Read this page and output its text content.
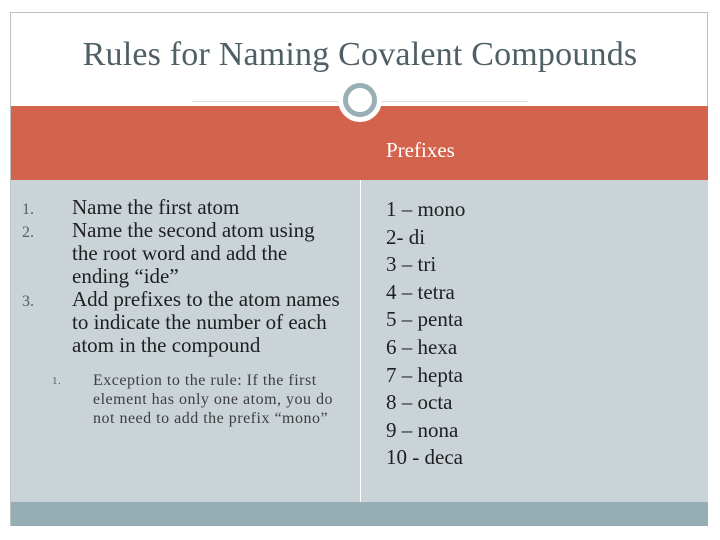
Rules for Naming Covalent Compounds
Prefixes
1.	Name the first atom
2.	Name the second atom using the root word and add the ending “ide”
3.	Add prefixes to the atom names to indicate the number of each atom in the compound
1. Exception to the rule: If the first element has only one atom, you do not need to add the prefix “mono”
1 – mono
2- di
3 – tri
4 – tetra
5 – penta
6 – hexa
7 – hepta
8 – octa
9 – nona
10 - deca
